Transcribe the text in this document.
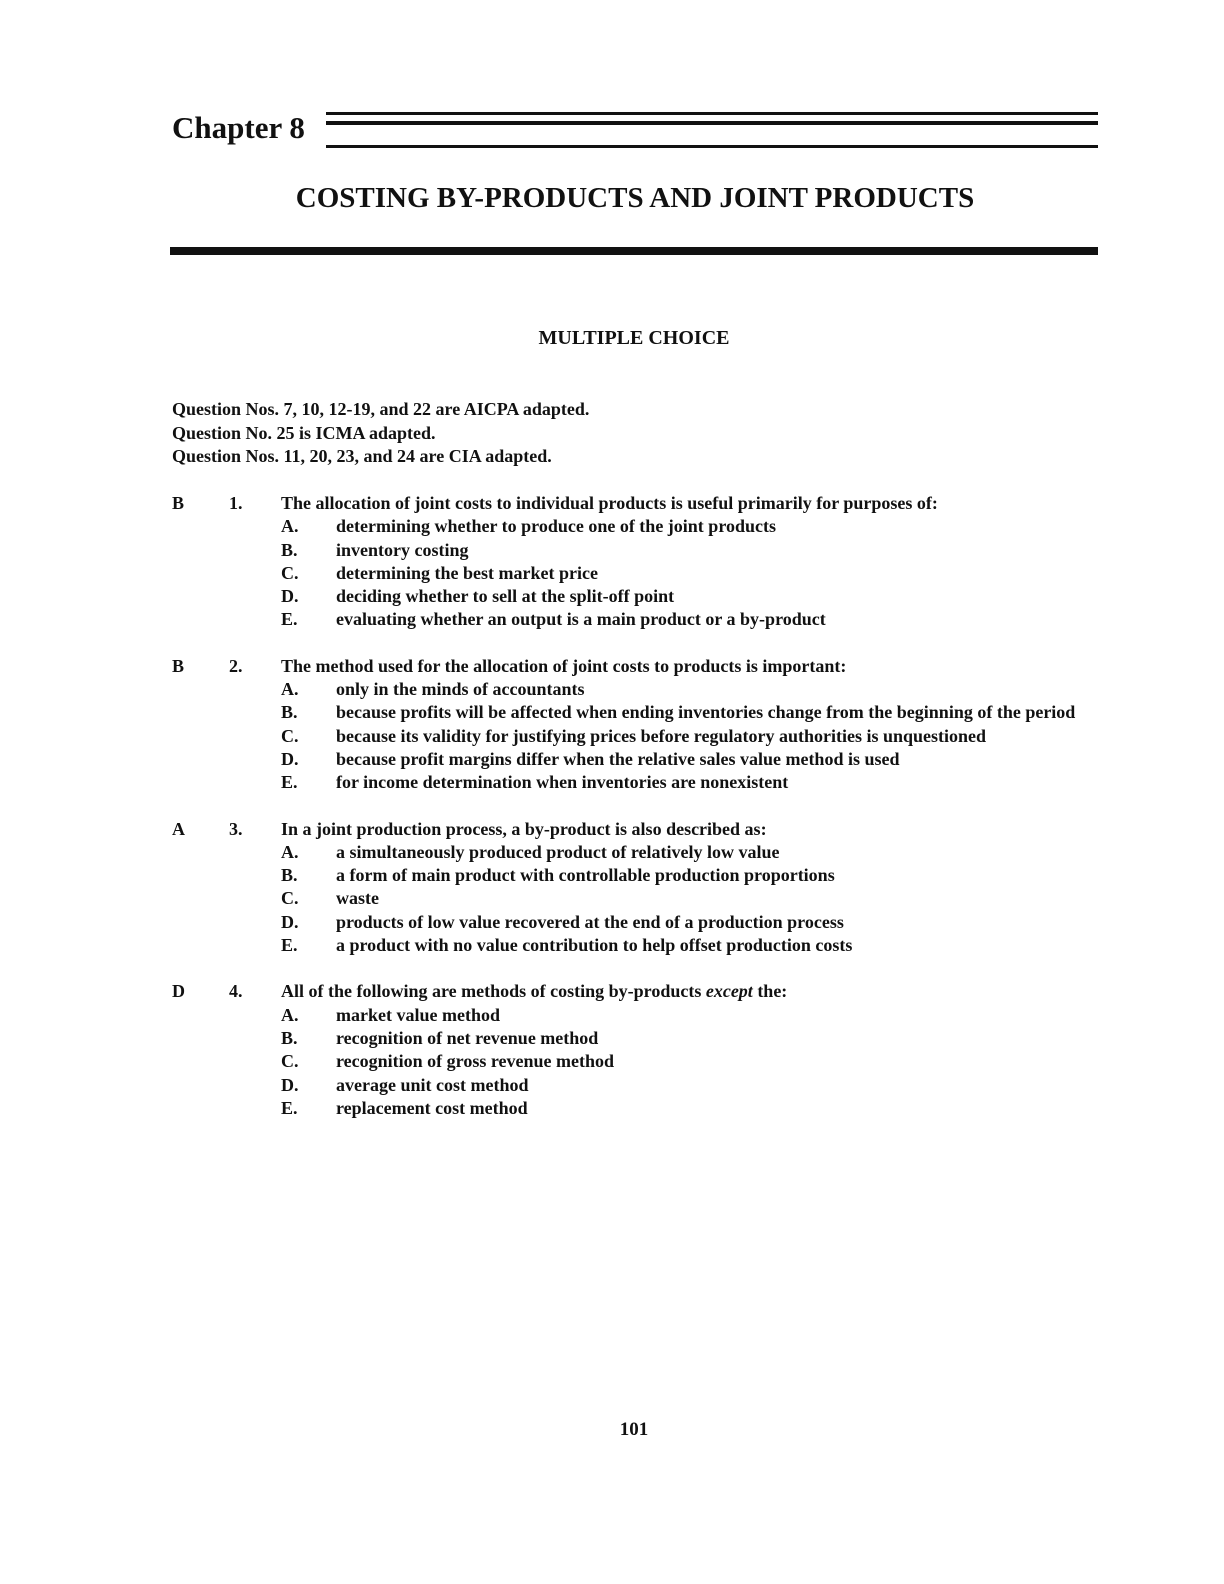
Chapter 8
COSTING BY-PRODUCTS AND JOINT PRODUCTS
MULTIPLE CHOICE
Question Nos. 7, 10, 12-19, and 22 are AICPA adapted.
Question No. 25 is ICMA adapted.
Question Nos. 11, 20, 23, and 24 are CIA adapted.
B 1. The allocation of joint costs to individual products is useful primarily for purposes of:
A. determining whether to produce one of the joint products
B. inventory costing
C. determining the best market price
D. deciding whether to sell at the split-off point
E. evaluating whether an output is a main product or a by-product
B 2. The method used for the allocation of joint costs to products is important:
A. only in the minds of accountants
B. because profits will be affected when ending inventories change from the beginning of the period
C. because its validity for justifying prices before regulatory authorities is unquestioned
D. because profit margins differ when the relative sales value method is used
E. for income determination when inventories are nonexistent
A 3. In a joint production process, a by-product is also described as:
A. a simultaneously produced product of relatively low value
B. a form of main product with controllable production proportions
C. waste
D. products of low value recovered at the end of a production process
E. a product with no value contribution to help offset production costs
D 4. All of the following are methods of costing by-products except the:
A. market value method
B. recognition of net revenue method
C. recognition of gross revenue method
D. average unit cost method
E. replacement cost method
101
